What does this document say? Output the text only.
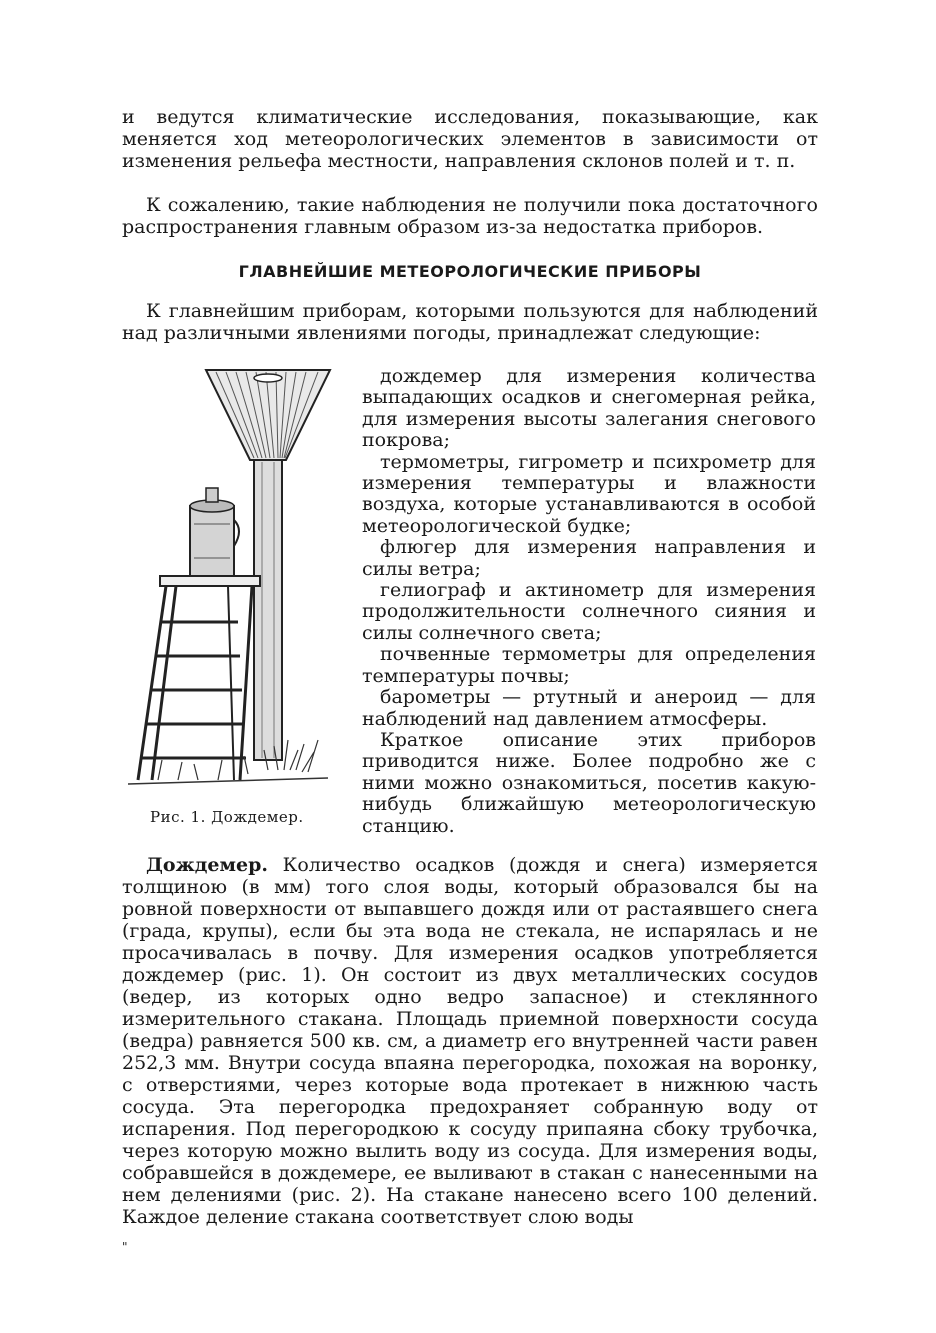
и ведутся климатические исследования, показывающие, как меняется ход метеорологических элементов в зависимости от изменения рельефа местности, направления склонов полей и т. п.

К сожалению, такие наблюдения не получили пока достаточного распространения главным образом из-за недостатка приборов.

ГЛАВНЕЙШИЕ МЕТЕОРОЛОГИЧЕСКИЕ ПРИБОРЫ

К главнейшим приборам, которыми пользуются для наблюдений над различными явлениями погоды, принадлежат следующие:

Рис. 1. Дождемер.

дождемер для измерения количества выпадающих осадков и снегомерная рейка, для измерения высоты залегания снегового покрова;

термометры, гигрометр и психрометр для измерения температуры и влажности воздуха, которые устанавливаются в особой метеорологической будке;

флюгер для измерения направления и силы ветра;

гелиограф и актинометр для измерения продолжительности солнечного сияния и силы солнечного света;

почвенные термометры для определения температуры почвы;

барометры — ртутный и анероид — для наблюдений над давлением атмосферы.

Краткое описание этих приборов приводится ниже. Более подробно же с ними можно ознакомиться, посетив какую-нибудь ближайшую метеорологическую станцию.

Дождемер. Количество осадков (дождя и снега) измеряется толщиною (в мм) того слоя воды, который образовался бы на ровной поверхности от выпавшего дождя или от растаявшего снега (града, крупы), если бы эта вода не стекала, не испарялась и не просачивалась в почву. Для измерения осадков употребляется дождемер (рис. 1). Он состоит из двух металлических сосудов (ведер, из которых одно ведро запасное) и стеклянного измерительного стакана. Площадь приемной поверхности сосуда (ведра) равняется 500 кв. см, а диаметр его внутренней части равен 252,3 мм. Внутри сосуда впаяна перегородка, похожая на воронку, с отверстиями, через которые вода протекает в нижнюю часть сосуда. Эта перегородка предохраняет собранную воду от испарения. Под перегородкою к сосуду припаяна сбоку трубочка, через которую можно вылить воду из сосуда. Для измерения воды, собравшейся в дождемере, ее выливают в стакан с нанесенными на нем делениями (рис. 2). На стакане нанесено всего 100 делений. Каждое деление стакана соответствует слою воды

"
